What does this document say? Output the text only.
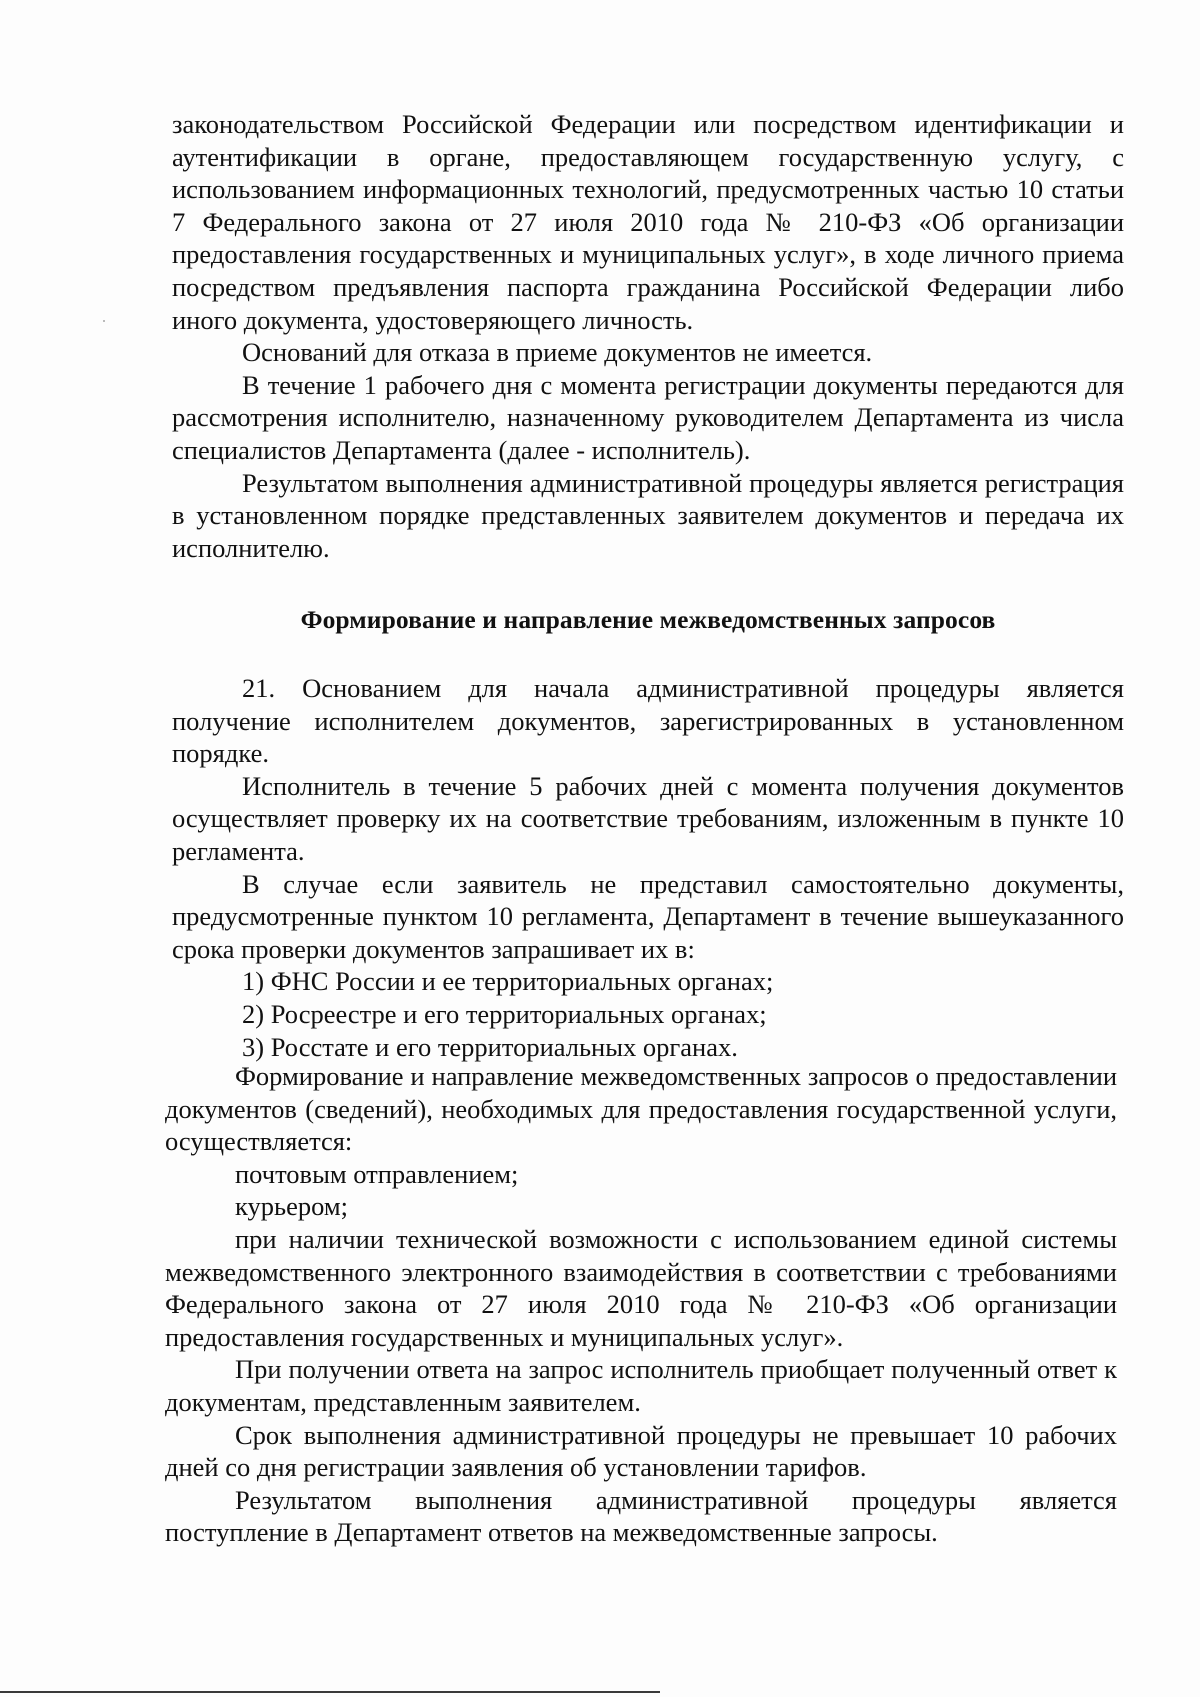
законодательством Российской Федерации или посредством идентификации и аутентификации в органе, предоставляющем государственную услугу, с использованием информационных технологий, предусмотренных частью 10 статьи 7 Федерального закона от 27 июля 2010 года № 210-ФЗ «Об организации предоставления государственных и муниципальных услуг», в ходе личного приема посредством предъявления паспорта гражданина Российской Федерации либо иного документа, удостоверяющего личность.

Оснований для отказа в приеме документов не имеется.

В течение 1 рабочего дня с момента регистрации документы передаются для рассмотрения исполнителю, назначенному руководителем Департамента из числа специалистов Департамента (далее - исполнитель).

Результатом выполнения административной процедуры является регистрация в установленном порядке представленных заявителем документов и передача их исполнителю.

Формирование и направление межведомственных запросов

21. Основанием для начала административной процедуры является получение исполнителем документов, зарегистрированных в установленном порядке.

Исполнитель в течение 5 рабочих дней с момента получения документов осуществляет проверку их на соответствие требованиям, изложенным в пункте 10 регламента.

В случае если заявитель не представил самостоятельно документы, предусмотренные пунктом 10 регламента, Департамент в течение вышеуказанного срока проверки документов запрашивает их в:

1) ФНС России и ее территориальных органах;

2) Росреестре и его территориальных органах;

3) Росстате и его территориальных органах.

Формирование и направление межведомственных запросов о предоставлении документов (сведений), необходимых для предоставления государственной услуги, осуществляется:

почтовым отправлением;

курьером;

при наличии технической возможности с использованием единой системы межведомственного электронного взаимодействия в соответствии с требованиями Федерального закона от 27 июля 2010 года № 210-ФЗ «Об организации предоставления государственных и муниципальных услуг».

При получении ответа на запрос исполнитель приобщает полученный ответ к документам, представленным заявителем.

Срок выполнения административной процедуры не превышает 10 рабочих дней со дня регистрации заявления об установлении тарифов.

Результатом выполнения административной процедуры является поступление в Департамент ответов на межведомственные запросы.
